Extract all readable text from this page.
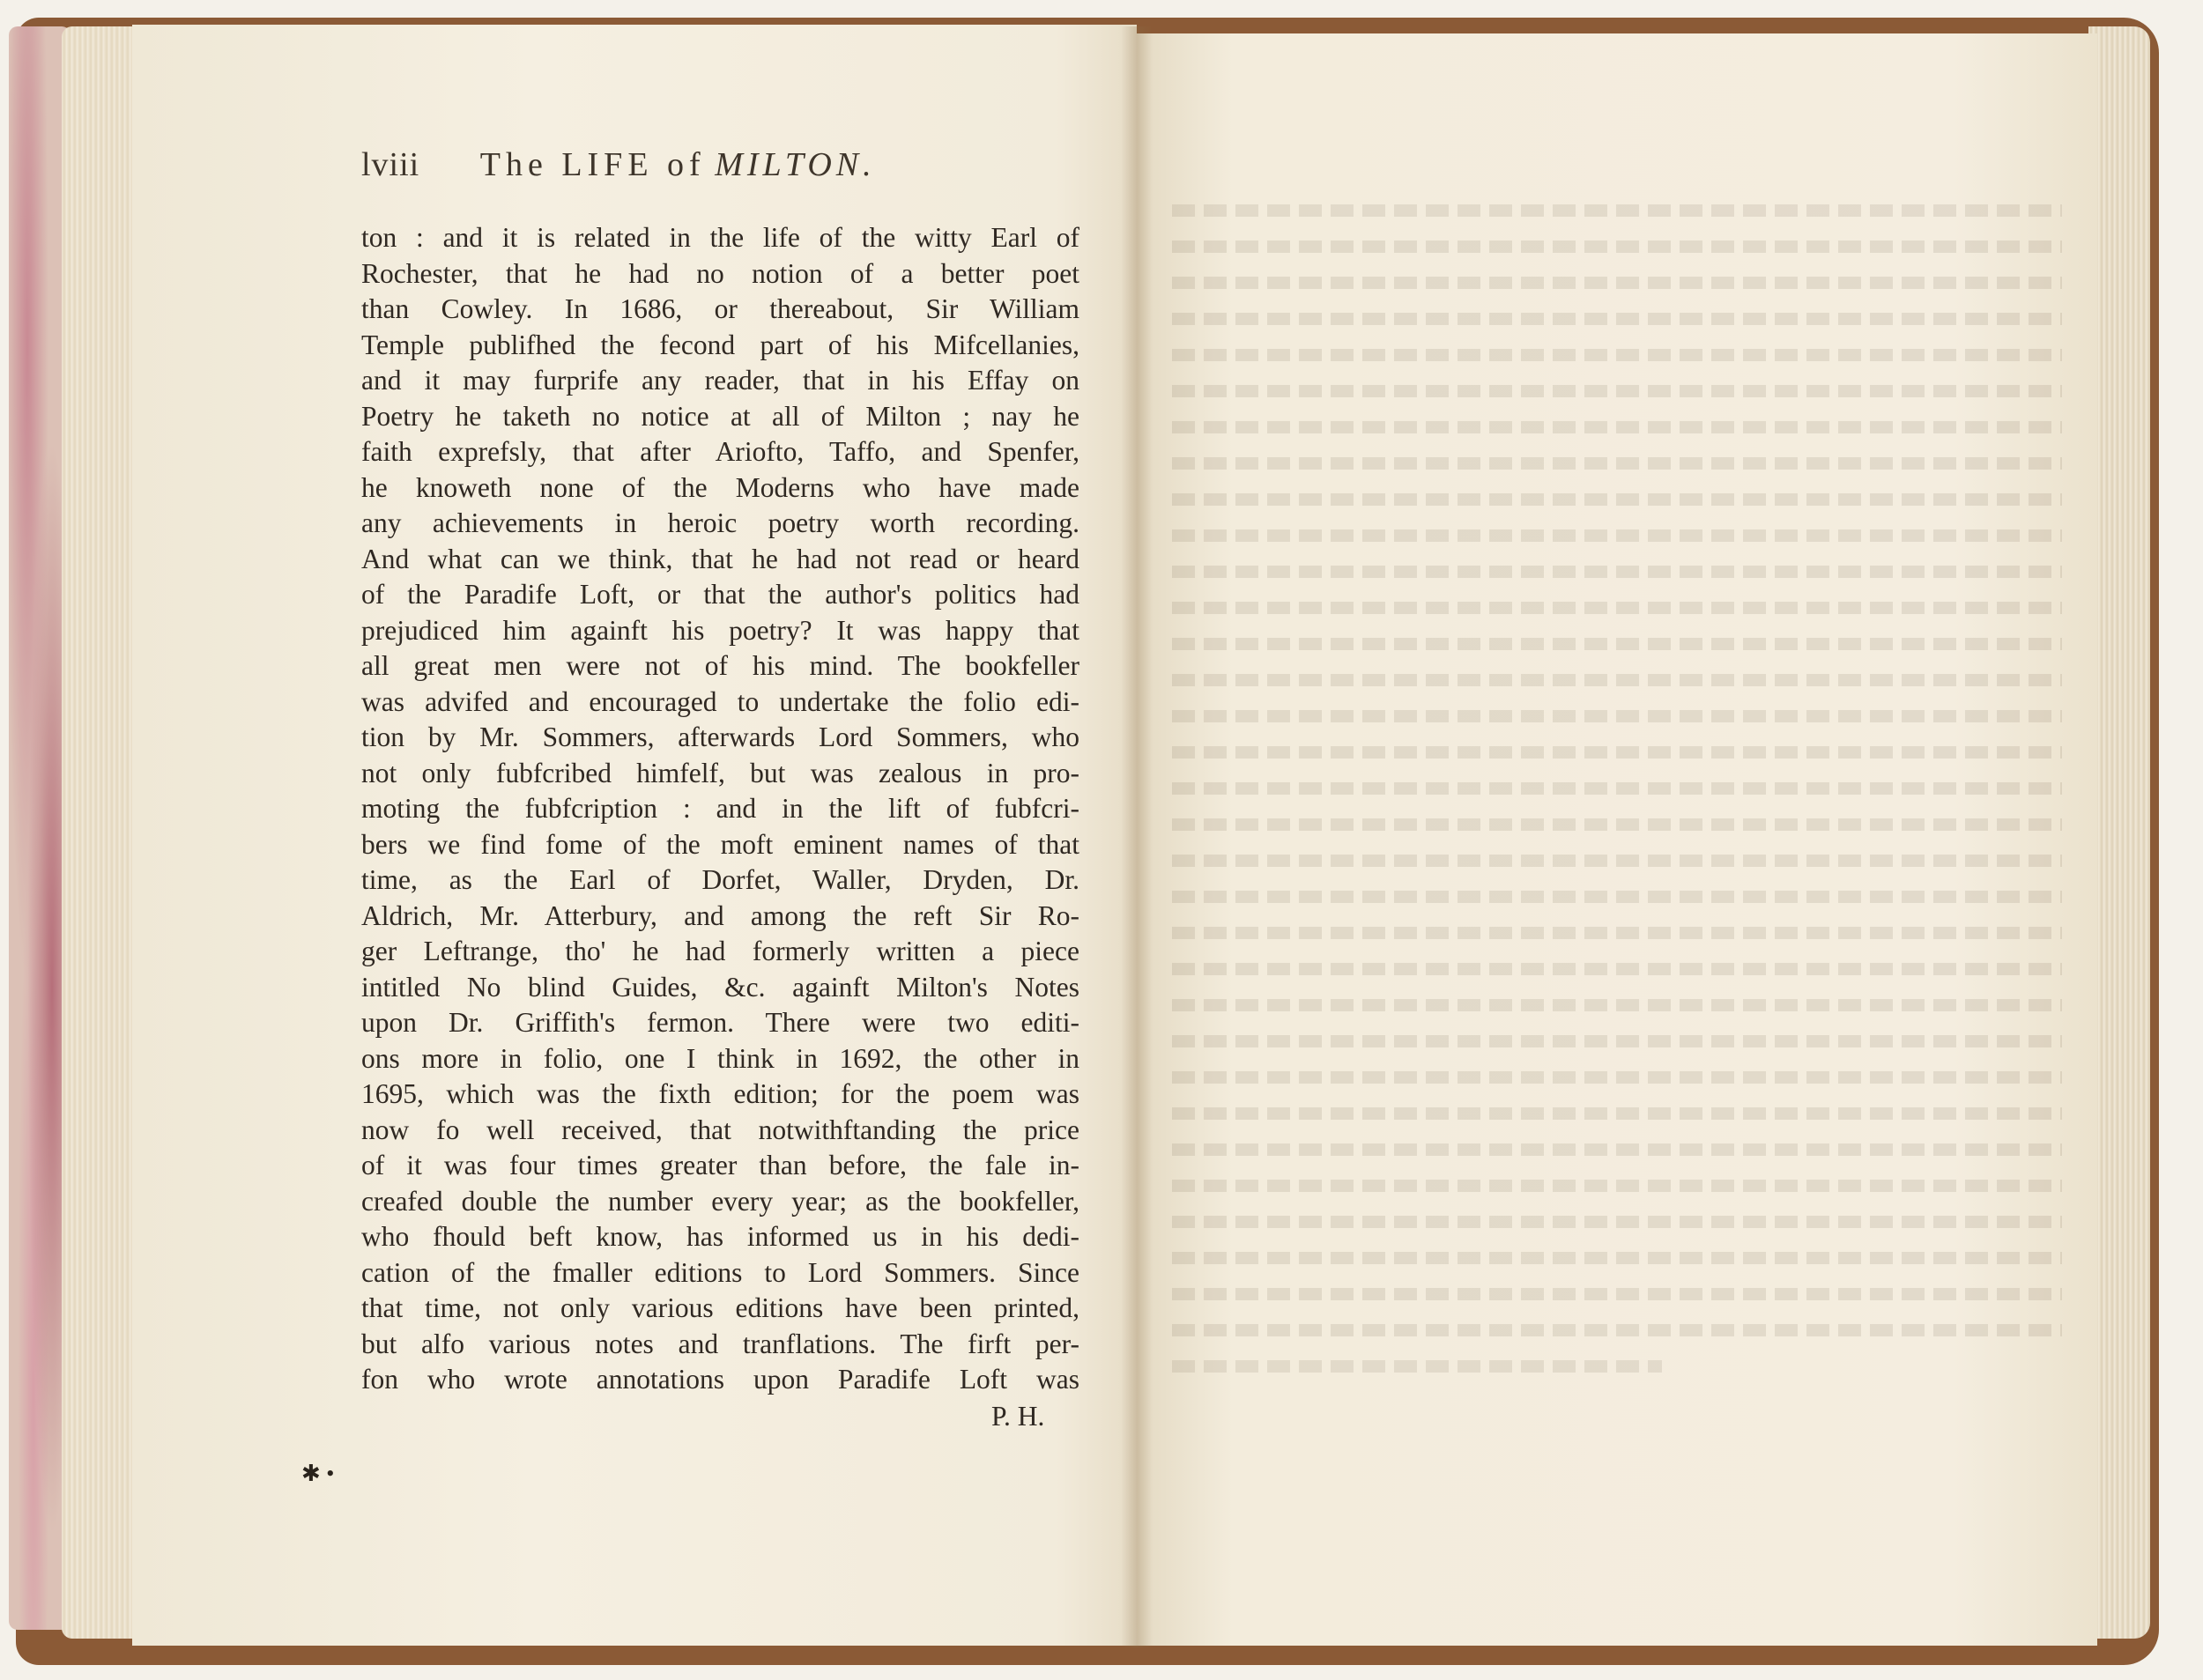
lviii The LIFE of MILTON.
ton : and it is related in the life of the witty Earl of
Rochester, that he had no notion of a better poet
than Cowley. In 1686, or thereabout, Sir William
Temple publifhed the fecond part of his Mifcellanies,
and it may furprife any reader, that in his Effay on
Poetry he taketh no notice at all of Milton ; nay he
faith exprefsly, that after Ariofto, Taffo, and Spenfer,
he knoweth none of the Moderns who have made
any achievements in heroic poetry worth recording.
And what can we think, that he had not read or heard
of the Paradife Loft, or that the author's politics had
prejudiced him againft his poetry? It was happy that
all great men were not of his mind. The bookfeller
was advifed and encouraged to undertake the folio edi-
tion by Mr. Sommers, afterwards Lord Sommers, who
not only fubfcribed himfelf, but was zealous in pro-
moting the fubfcription : and in the lift of fubfcri-
bers we find fome of the moft eminent names of that
time, as the Earl of Dorfet, Waller, Dryden, Dr.
Aldrich, Mr. Atterbury, and among the reft Sir Ro-
ger Leftrange, tho' he had formerly written a piece
intitled No blind Guides, &c. againft Milton's Notes
upon Dr. Griffith's fermon. There were two editi-
ons more in folio, one I think in 1692, the other in
1695, which was the fixth edition; for the poem was
now fo well received, that notwithftanding the price
of it was four times greater than before, the fale in-
creafed double the number every year; as the bookfeller,
who fhould beft know, has informed us in his dedi-
cation of the fmaller editions to Lord Sommers. Since
that time, not only various editions have been printed,
but alfo various notes and tranflations. The firft per-
fon who wrote annotations upon Paradife Loft was
P. H.
✱ •
